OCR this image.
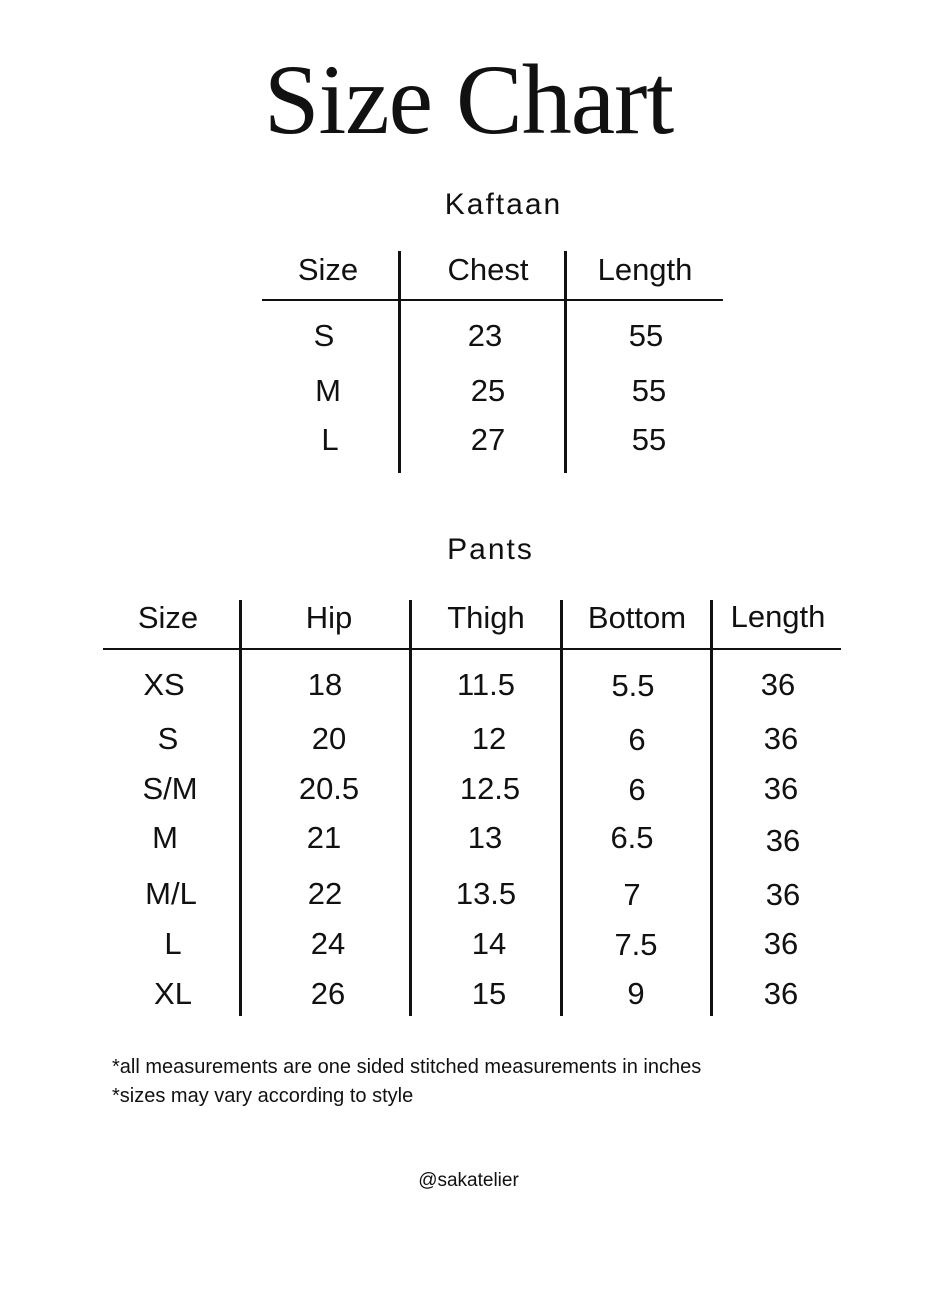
Size Chart
Kaftaan
Size	Chest Length
S	23	55
M	25	55
L	27	55
Pants
Size	Hip	Thigh Bottom Length
XS	18	11.5	5.5	36
S	20	12	6	36
S/M	20.5	12.5	6	36
M	21	13	6.5	36
M/L	22	13.5	7	36
L	24	14	7.5	36
XL	26	15	9	36
*all measurements are one sided stitched measurements in inches
*sizes may vary according to style
@sakatelier
